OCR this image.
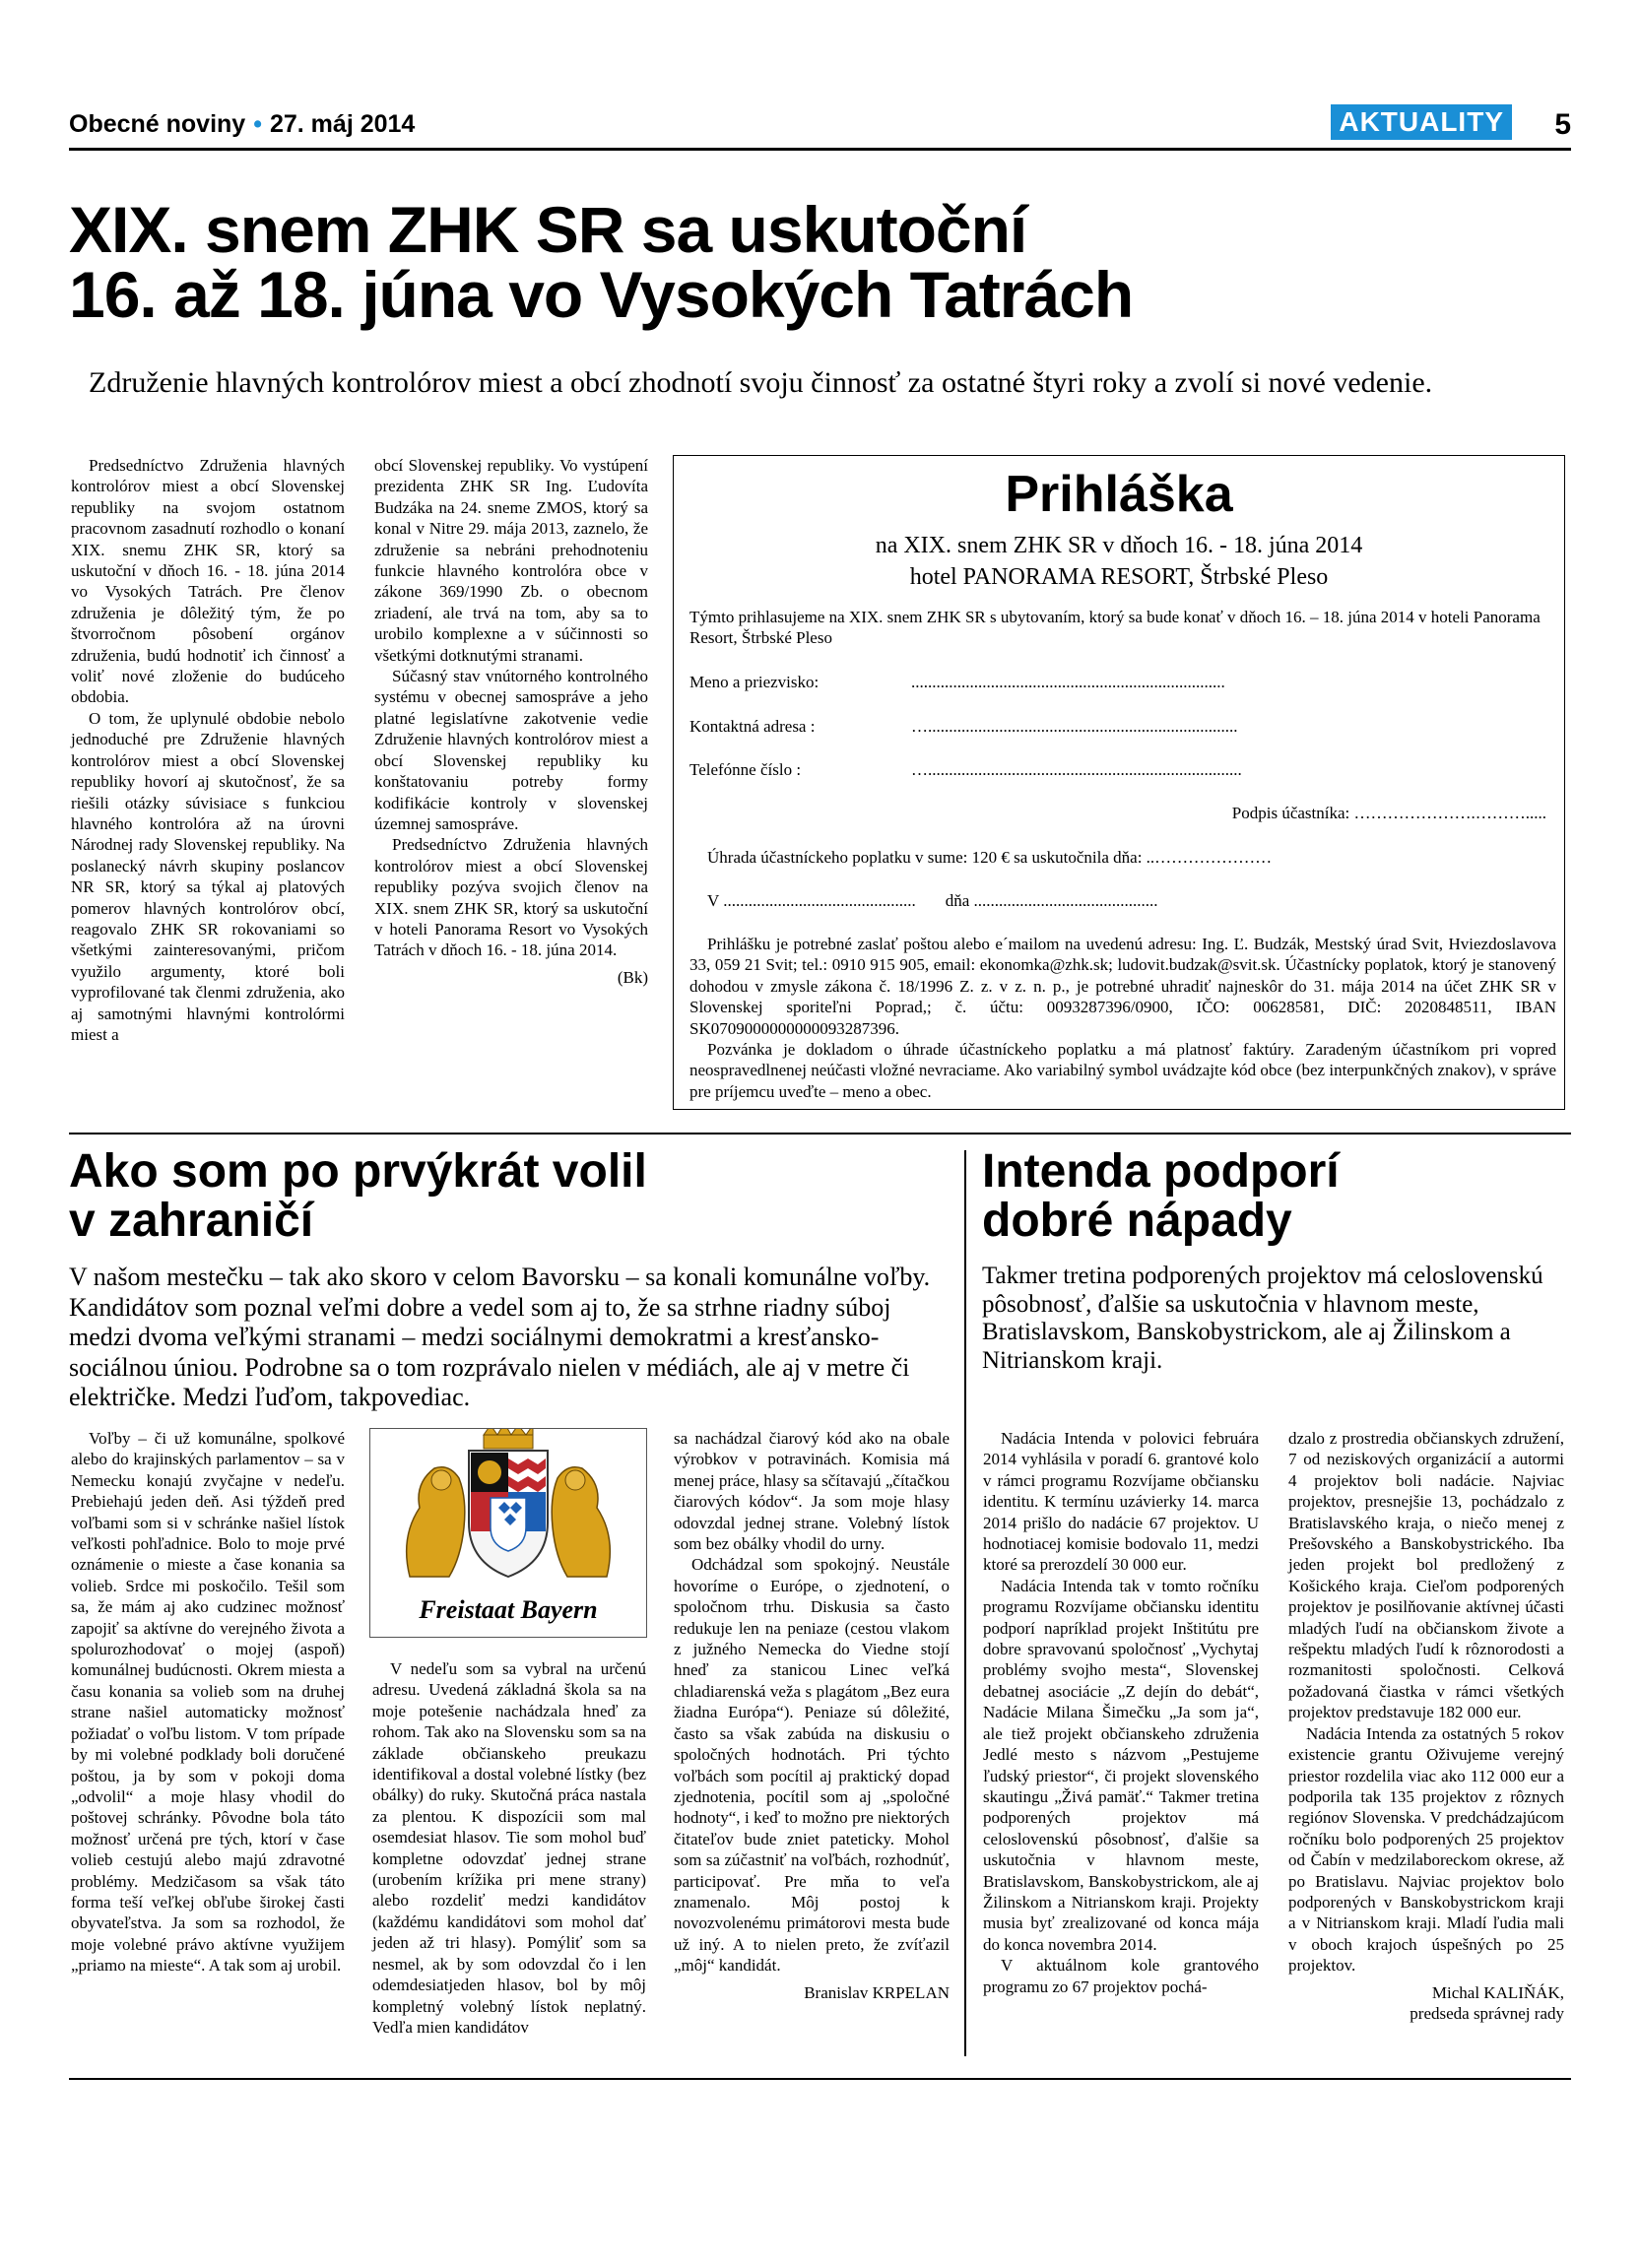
Obecné noviny • 27. máj 2014	AKTUALITY 5
XIX. snem ZHK SR sa uskutoční
16. až 18. júna vo Vysokých Tatrách
Združenie hlavných kontrolórov miest a obcí zhodnotí svoju činnosť za ostatné štyri roky a zvolí si nové vedenie.

Predsedníctvo Združenia hlavných kontrolórov miest a obcí Slovenskej republiky na svojom ostatnom pracovnom zasadnutí rozhodlo o konaní XIX. snemu ZHK SR, ktorý sa uskutoční v dňoch 16. - 18. júna 2014 vo Vysokých Tatrách. Pre členov združenia je dôležitý tým, že po štvorročnom pôsobení orgánov združenia, budú hodnotiť ich činnosť a voliť nové zloženie do budúceho obdobia.

O tom, že uplynulé obdobie nebolo jednoduché pre Združenie hlavných kontrolórov miest a obcí Slovenskej republiky hovorí aj skutočnosť, že sa riešili otázky súvisiace s funkciou hlavného kontrolóra až na úrovni Národnej rady Slovenskej republiky. Na poslanecký návrh skupiny poslancov NR SR, ktorý sa týkal aj platových pomerov hlavných kontrolórov obcí, reagovalo ZHK SR rokovaniami so všetkými zainteresovanými, pričom využilo argumenty, ktoré boli vyprofilované tak členmi združenia, ako aj samotnými hlavnými kontrolórmi miest a

obcí Slovenskej republiky. Vo vystúpení prezidenta ZHK SR Ing. Ľudovíta Budzáka na 24. sneme ZMOS, ktorý sa konal v Nitre 29. mája 2013, zaznelo, že združenie sa nebráni prehodnoteniu funkcie hlavného kontrolóra obce v zákone 369/1990 Zb. o obecnom zriadení, ale trvá na tom, aby sa to urobilo komplexne a v súčinnosti so všetkými dotknutými stranami.

Súčasný stav vnútorného kontrolného systému v obecnej samospráve a jeho platné legislatívne zakotvenie vedie Združenie hlavných kontrolórov miest a obcí Slovenskej republiky ku konštatovaniu potreby formy kodifikácie kontroly v slovenskej územnej samospráve.

Predsedníctvo Združenia hlavných kontrolórov miest a obcí Slovenskej republiky pozýva svojich členov na XIX. snem ZHK SR, ktorý sa uskutoční v hoteli Panorama Resort vo Vysokých Tatrách v dňoch 16. - 18. júna 2014.

(Bk)

Prihláška
na XIX. snem ZHK SR v dňoch 16. - 18. júna 2014
hotel PANORAMA RESORT, Štrbské Pleso
Týmto prihlasujeme na XIX. snem ZHK SR s ubytovaním, ktorý sa bude konať v dňoch 16. – 18. júna 2014 v hoteli Panorama Resort, Štrbské Pleso
Meno a priezvisko:	...........................................................................
Kontaktná adresa :	…..........................................................................
Telefónne číslo :	…...........................................................................
Podpis účastníka: ………………….……….....
Úhrada účastníckeho poplatku v sume: 120 € sa uskutočnila dňa: ..…………………
V .............................................. dňa ............................................

Prihlášku je potrebné zaslať poštou alebo e´mailom na uvedenú adresu: Ing. Ľ. Budzák, Mestský úrad Svit, Hviezdoslavova 33, 059 21 Svit; tel.: 0910 915 905, email: ekonomka@zhk.sk; ludovit.budzak@svit.sk. Účastnícky poplatok, ktorý je stanovený dohodou v zmysle zákona č. 18/1996 Z. z. v z. n. p., je potrebné uhradiť najneskôr do 31. mája 2014 na účet ZHK SR v Slovenskej sporiteľni Poprad,; č. účtu: 0093287396/0900, IČO: 00628581, DIČ: 2020848511, IBAN SK0709000000000093287396.

Pozvánka je dokladom o úhrade účastníckeho poplatku a má platnosť faktúry. Zaradeným účastníkom pri vopred neospravedlnenej neúčasti vložné nevraciame. Ako variabilný symbol uvádzajte kód obce (bez interpunkčných znakov), v správe pre príjemcu uveďte – meno a obec.

Ako som po prvýkrát volil
v zahraničí
V našom mestečku – tak ako skoro v celom Bavorsku – sa konali komunálne voľby. Kandidátov som poznal veľmi dobre a vedel som aj to, že sa strhne riadny súboj medzi dvoma veľkými stranami – medzi sociálnymi demokratmi a kresťansko-sociálnou úniou. Podrobne sa o tom rozprávalo nielen v médiách, ale aj v metre či električke. Medzi ľuďom, takpovediac.

Voľby – či už komunálne, spolkové alebo do krajinských parlamentov – sa v Nemecku konajú zvyčajne v nedeľu. Prebiehajú jeden deň. Asi týždeň pred voľbami som si v schránke našiel lístok veľkosti pohľadnice. Bolo to moje prvé oznámenie o mieste a čase konania sa volieb. Srdce mi poskočilo. Tešil som sa, že mám aj ako cudzinec možnosť zapojiť sa aktívne do verejného života a spolurozhodovať o mojej (aspoň) komunálnej budúcnosti. Okrem miesta a času konania sa volieb som na druhej strane našiel automaticky možnosť požiadať o voľbu listom. V tom prípade by mi volebné podklady boli doručené poštou, ja by som v pokoji doma „odvolil“ a moje hlasy vhodil do poštovej schránky. Pôvodne bola táto možnosť určená pre tých, ktorí v čase volieb cestujú alebo majú zdravotné problémy. Medzičasom sa však táto forma teší veľkej obľube širokej časti obyvateľstva. Ja som sa rozhodol, že moje volebné právo aktívne využijem „priamo na mieste“. A tak som aj urobil.

Freistaat Bayern

V nedeľu som sa vybral na určenú adresu. Uvedená základná škola sa na moje potešenie nachádzala hneď za rohom. Tak ako na Slovensku som sa na základe občianskeho preukazu identifikoval a dostal volebné lístky (bez obálky) do ruky. Skutočná práca nastala za plentou. K dispozícii som mal osemdesiat hlasov. Tie som mohol buď kompletne odovzdať jednej strane (urobením krížika pri mene strany) alebo rozdeliť medzi kandidátov (každému kandidátovi som mohol dať jeden až tri hlasy). Pomýliť som sa nesmel, ak by som odovzdal čo i len odemdesiatjeden hlasov, bol by môj kompletný volebný lístok neplatný. Vedľa mien kandidátov

sa nachádzal čiarový kód ako na obale výrobkov v potravinách. Komisia má menej práce, hlasy sa sčítavajú „čítačkou čiarových kódov“. Ja som moje hlasy odovzdal jednej strane. Volebný lístok som bez obálky vhodil do urny.

Odchádzal som spokojný. Neustále hovoríme o Európe, o zjednotení, o spoločnom trhu. Diskusia sa často redukuje len na peniaze (cestou vlakom z južného Nemecka do Viedne stojí hneď za stanicou Linec veľká chladiarenská veža s plagátom „Bez eura žiadna Európa“). Peniaze sú dôležité, často sa však zabúda na diskusiu o spoločných hodnotách. Pri týchto voľbách som pocítil aj praktický dopad zjednotenia, pocítil som aj „spoločné hodnoty“, i keď to možno pre niektorých čitateľov bude zniet pateticky. Mohol som sa zúčastniť na voľbách, rozhodnúť, participovať. Pre mňa to veľa znamenalo. Môj postoj k novozvolenému primátorovi mesta bude už iný. A to nielen preto, že zvíťazil „môj“ kandidát.

Branislav KRPELAN

Intenda podporí
dobré nápady
Takmer tretina podporených projektov má celoslovenskú pôsobnosť, ďalšie sa uskutočnia v hlavnom meste, Bratislavskom, Banskobystrickom, ale aj Žilinskom a Nitrianskom kraji.

Nadácia Intenda v polovici februára 2014 vyhlásila v poradí 6. grantové kolo v rámci programu Rozvíjame občiansku identitu. K termínu uzávierky 14. marca 2014 prišlo do nadácie 67 projektov. U hodnotiacej komisie bodovalo 11, medzi ktoré sa prerozdelí 30 000 eur.

Nadácia Intenda tak v tomto ročníku programu Rozvíjame občiansku identitu podporí napríklad projekt Inštitútu pre dobre spravovanú spoločnosť „Vychytaj problémy svojho mesta“, Slovenskej debatnej asociácie „Z dejín do debát“, Nadácie Milana Šimečku „Ja som ja“, ale tiež projekt občianskeho združenia Jedlé mesto s názvom „Pestujeme ľudský priestor“, či projekt slovenského skautingu „Živá pamäť.“ Takmer tretina podporených projektov má celoslovenskú pôsobnosť, ďalšie sa uskutočnia v hlavnom meste, Bratislavskom, Banskobystrickom, ale aj Žilinskom a Nitrianskom kraji. Projekty musia byť zrealizované od konca mája do konca novembra 2014.

V aktuálnom kole grantového programu zo 67 projektov pochá-

dzalo z prostredia občianskych združení, 7 od neziskových organizácií a autormi 4 projektov boli nadácie. Najviac projektov, presnejšie 13, pochádzalo z Bratislavského kraja, o niečo menej z Prešovského a Banskobystrického. Iba jeden projekt bol predložený z Košického kraja. Cieľom podporených projektov je posilňovanie aktívnej účasti mladých ľudí na občianskom živote a rešpektu mladých ľudí k rôznorodosti a rozmanitosti spoločnosti. Celková požadovaná čiastka v rámci všetkých projektov predstavuje 182 000 eur.

Nadácia Intenda za ostatných 5 rokov existencie grantu Oživujeme verejný priestor rozdelila viac ako 112 000 eur a podporila tak 135 projektov z rôznych regiónov Slovenska. V predchádzajúcom ročníku bolo podporených 25 projektov od Čabín v medzilaboreckom okrese, až po Bratislavu. Najviac projektov bolo podporených v Banskobystrickom kraji a v Nitrianskom kraji. Mladí ľudia mali v oboch krajoch úspešných po 25 projektov.

Michal KALIŇÁK,

predseda správnej rady
